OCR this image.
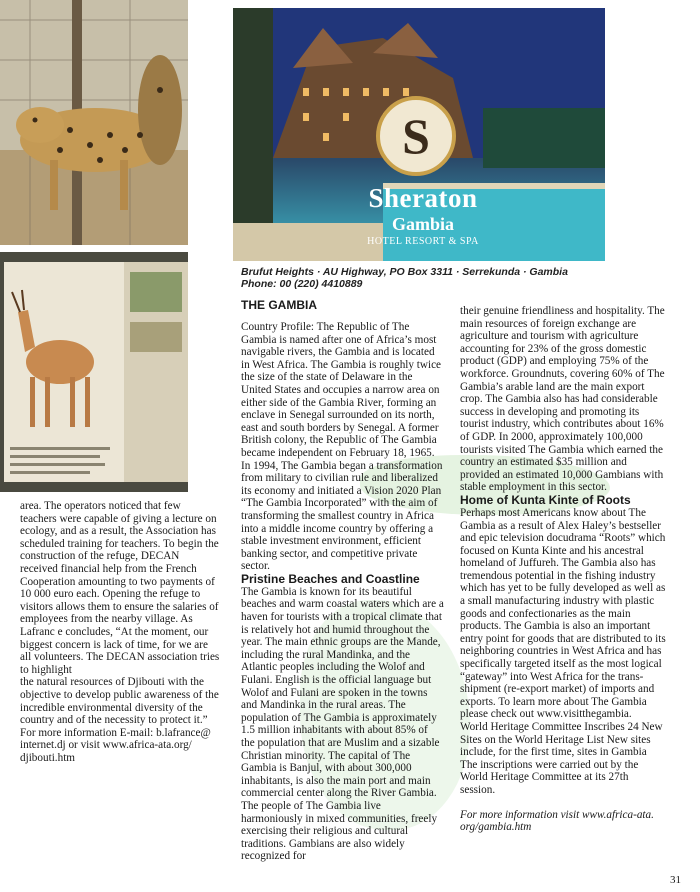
S
Sheraton
Gambia
HOTEL RESORT & SPA
Brufut Heights · AU Highway, PO Box 3311 · Serrekunda · Gambia
Phone: 00 (220) 4410889
area. The operators noticed that few teachers were capable of giving a lecture on ecology, and as a result, the Association has scheduled training for teachers. To begin the construction of the refuge, DECAN received financial help from the French Cooperation amounting to two payments of 10 000 euro each. Opening the refuge to visitors allows them to ensure the salaries of employees from the nearby village. As Lafranc e concludes, “At the moment, our biggest concern is lack of time, for we are all volunteers. The DECAN association tries to highlight
the natural resources of Djibouti with the objective to develop public awareness of the incredible environmental diversity of the country and of the necessity to protect it.”
For more information E-mail: b.lafrance@ internet.dj or visit www.africa-ata.org/ djibouti.htm
THE GAMBIA
Country Profile: The Republic of The Gambia is named after one of Africa’s most navigable rivers, the Gambia and is located in West Africa. The Gambia is roughly twice the size of the state of Delaware in the United States and occupies a narrow area on either side of the Gambia River, forming an enclave in Senegal surrounded on its north, east and south borders by Senegal. A former British colony, the Republic of The Gambia became independent on February 18, 1965. In 1994, The Gambia began a transformation from military to civilian rule and liberalized its economy and initiated a Vision 2020 Plan “The Gambia Incorporated” with the aim of transforming the smallest country in Africa into a middle income country by offering a stable investment environment, efficient banking sector, and competitive private sector.
Pristine Beaches and Coastline
The Gambia is known for its beautiful beaches and warm coastal waters which are a haven for tourists with a tropical climate that is relatively hot and humid throughout the year. The main ethnic groups are the Mande, including the rural Mandinka, and the Atlantic peoples including the Wolof and Fulani. English is the official language but Wolof and Fulani are spoken in the towns and Mandinka in the rural areas. The population of The Gambia is approximately 1.5 million inhabitants with about 85% of the population that are Muslim and a sizable Christian minority. The capital of The Gambia is Banjul, with about 300,000 inhabitants, is also the main port and main commercial center along the River Gambia. The people of The Gambia live harmoniously in mixed communities, freely exercising their religious and cultural traditions. Gambians are also widely recognized for
their genuine friendliness and hospitality. The main resources of foreign exchange are agriculture and tourism with agriculture accounting for 23% of the gross domestic product (GDP) and employing 75% of the workforce. Groundnuts, covering 60% of The Gambia’s arable land are the main export crop. The Gambia also has had considerable success in developing and promoting its tourist industry, which contributes about 16% of GDP. In 2000, approximately 100,000 tourists visited The Gambia which earned the country an estimated $35 million and provided an estimated 10,000 Gambians with stable employment in this sector.
Home of Kunta Kinte of Roots
Perhaps most Americans know about The Gambia as a result of Alex Haley’s bestseller and epic television docudrama “Roots” which focused on Kunta Kinte and his ancestral homeland of Juffureh. The Gambia also has tremendous potential in the fishing industry which has yet to be fully developed as well as a small manufacturing industry with plastic goods and confectionaries as the main products. The Gambia is also an important entry point for goods that are distributed to its neighboring countries in West Africa and has specifically targeted itself as the most logical “gateway” into West Africa for the trans-shipment (re-export market) of imports and exports. To learn more about The Gambia please check out www.visitthegambia.
World Heritage Committee Inscribes 24 New Sites on the World Heritage List New sites include, for the first time, sites in Gambia
The inscriptions were carried out by the World Heritage Committee at its 27th session.
For more information visit www.africa-ata. org/gambia.htm
31
